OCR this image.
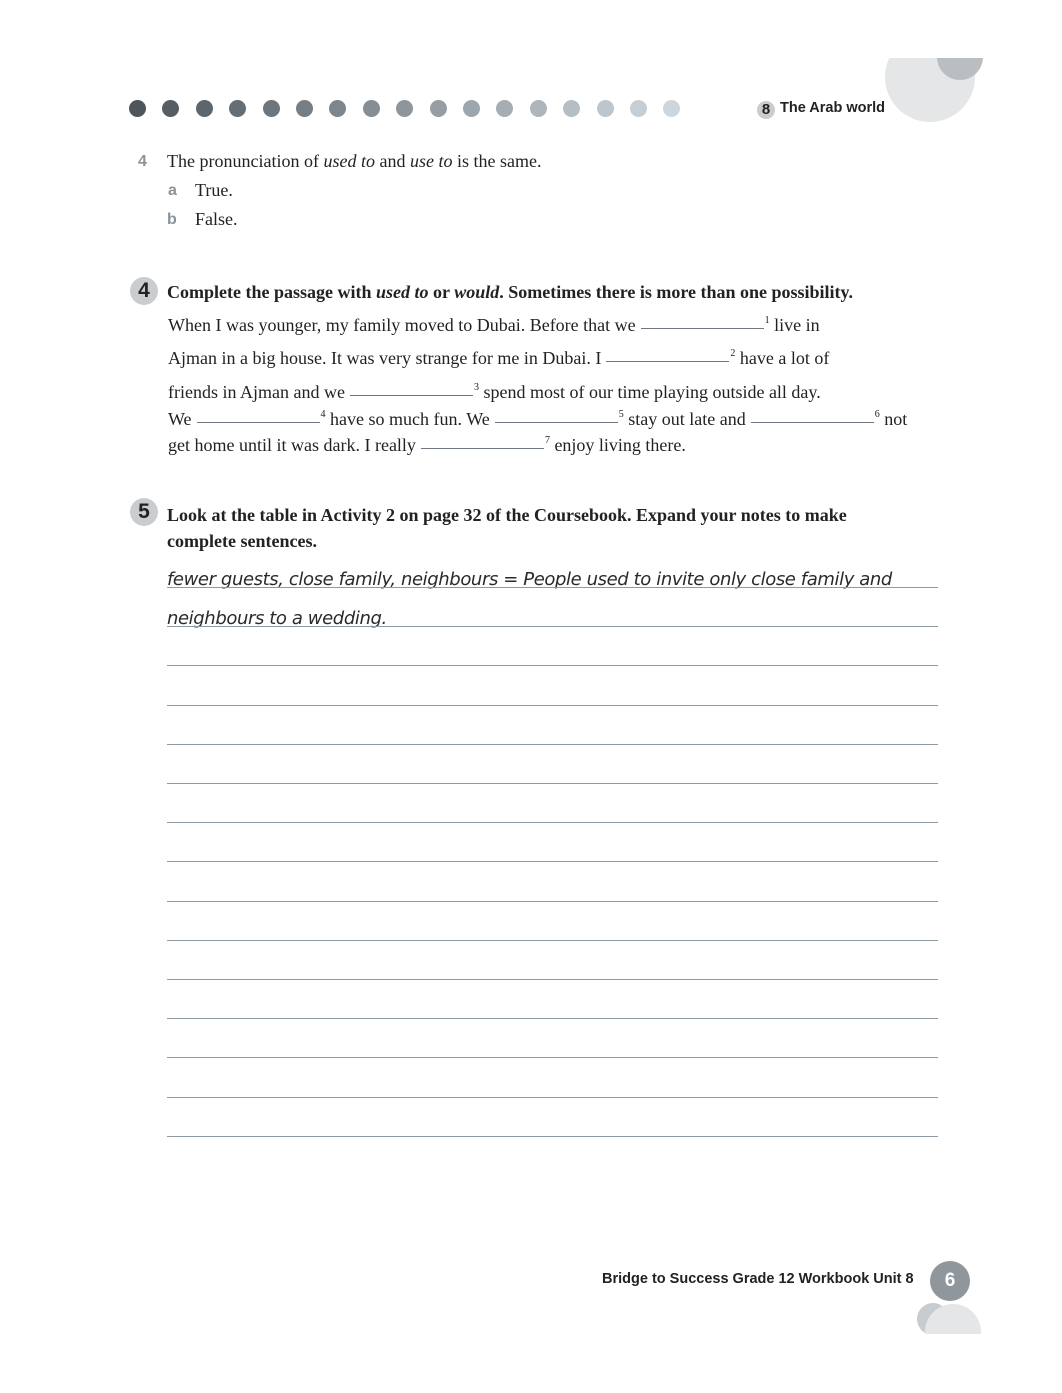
8 The Arab world
4 The pronunciation of used to and use to is the same.
a True.
b False.
4 Complete the passage with used to or would. Sometimes there is more than one possibility.
When I was younger, my family moved to Dubai. Before that we	$^1$ live in
Ajman in a big house. It was very strange for me in Dubai. I	$^2$ have a lot of
friends in Ajman and we	$^3$ spend most of our time playing outside all day.
We	$^4$ have so much fun. We	$^5$ stay out late and	$^6$ not
get home until it was dark. I really	$^7$ enjoy living there.
5 Look at the table in Activity 2 on page 32 of the Coursebook. Expand your notes to make
complete sentences.
fewer guests, close family, neighbours = People used to invite only close family and
neighbours to a wedding.
Bridge to Success Grade 12 Workbook Unit 8	6
